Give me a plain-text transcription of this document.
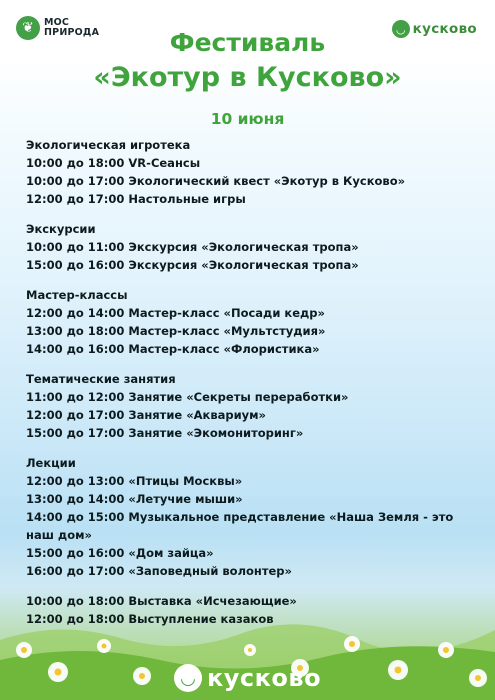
❦	МОС
ПРИРОДА	◡ кусково
Фестиваль
«Экотур в Кусково»
10 июня
Экологическая игротека
10:00 до 18:00 VR-Сеансы
10:00 до 17:00 Экологический квест «Экотур в Кусково»
12:00 до 17:00 Настольные игры
Экскурсии
10:00 до 11:00 Экскурсия «Экологическая тропа»
15:00 до 16:00 Экскурсия «Экологическая тропа»
Мастер-классы
12:00 до 14:00 Мастер-класс «Посади кедр»
13:00 до 18:00 Мастер-класс «Мультстудия»
14:00 до 16:00 Мастер-класс «Флористика»
Тематические занятия
11:00 до 12:00 Занятие «Секреты переработки»
12:00 до 17:00 Занятие «Аквариум»
15:00 до 17:00 Занятие «Экомониторинг»
Лекции
12:00 до 13:00 «Птицы Москвы»
13:00 до 14:00 «Летучие мыши»
14:00 до 15:00 Музыкальное представление «Наша Земля - это наш дом»
15:00 до 16:00 «Дом зайца»
16:00 до 17:00 «Заповедный волонтер»
10:00 до 18:00 Выставка «Исчезающие»
12:00 до 18:00 Выступление казаков
◡ кусково
